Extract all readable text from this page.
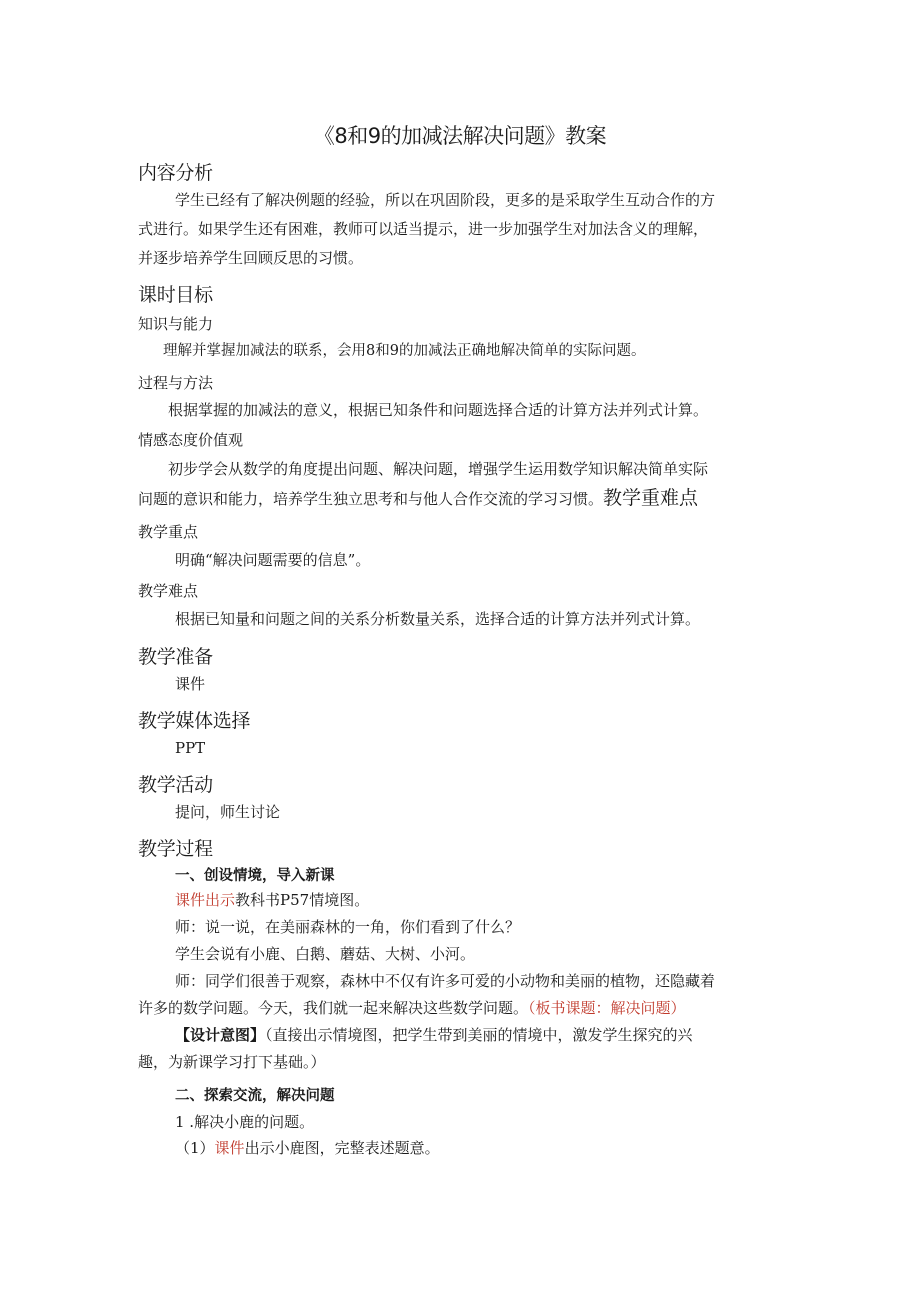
《8和9的加减法解决问题》教案
内容分析
学生已经有了解决例题的经验，所以在巩固阶段，更多的是采取学生互动合作的方
式进行。如果学生还有困难，教师可以适当提示，进一步加强学生对加法含义的理解，
并逐步培养学生回顾反思的习惯。
课时目标
知识与能力
理解并掌握加减法的联系，会用8和9的加减法正确地解决简单的实际问题。
过程与方法
根据掌握的加减法的意义，根据已知条件和问题选择合适的计算方法并列式计算。
情感态度价值观
初步学会从数学的角度提出问题、解决问题，增强学生运用数学知识解决简单实际
问题的意识和能力，培养学生独立思考和与他人合作交流的学习习惯。教学重难点
教学重点
明确“解决问题需要的信息”。
教学难点
根据已知量和问题之间的关系分析数量关系，选择合适的计算方法并列式计算。
教学准备
课件
教学媒体选择
PPT
教学活动
提问，师生讨论
教学过程
一、创设情境，导入新课
课件出示教科书P57情境图。
师：说一说，在美丽森林的一角，你们看到了什么？
学生会说有小鹿、白鹅、蘑菇、大树、小河。
师：同学们很善于观察，森林中不仅有许多可爱的小动物和美丽的植物，还隐藏着
许多的数学问题。今天，我们就一起来解决这些数学问题。（板书课题：解决问题）
【设计意图】（直接出示情境图，把学生带到美丽的情境中，激发学生探究的兴
趣，为新课学习打下基础。）
二、探索交流，解决问题
1 .解决小鹿的问题。
（1）课件出示小鹿图，完整表述题意。
